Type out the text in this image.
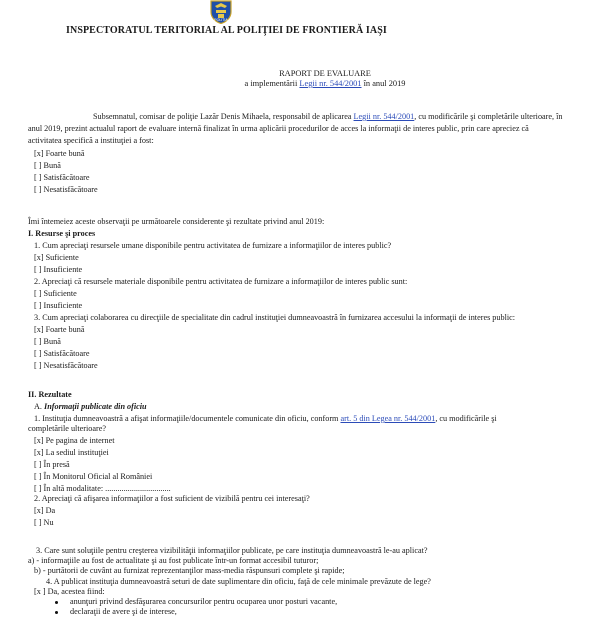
POLITIA
INSPECTORATUL TERITORIAL AL POLIŢIEI DE FRONTIERĂ IAŞI
RAPORT DE EVALUARE
a implementării Legii nr. 544/2001 în anul 2019
Subsemnatul, comisar de poliţie Lazăr Denis Mihaela, responsabil de aplicarea Legii nr. 544/2001, cu modificările şi completările ulterioare, în
anul 2019, prezint actualul raport de evaluare internă finalizat în urma aplicării procedurilor de acces la informaţii de interes public, prin care apreciez că
activitatea specifică a instituţiei a fost:
[x] Foarte bună
[ ] Bună
[ ] Satisfăcătoare
[ ] Nesatisfăcătoare
Îmi întemeiez aceste observaţii pe următoarele considerente şi rezultate privind anul 2019:
I. Resurse şi proces
1. Cum apreciaţi resursele umane disponibile pentru activitatea de furnizare a informaţiilor de interes public?
[x] Suficiente
[ ] Insuficiente
2. Apreciaţi că resursele materiale disponibile pentru activitatea de furnizare a informaţiilor de interes public sunt:
[ ] Suficiente
[ ] Insuficiente
3. Cum apreciaţi colaborarea cu direcţiile de specialitate din cadrul instituţiei dumneavoastră în furnizarea accesului la informaţii de interes public:
[x] Foarte bună
[ ] Bună
[ ] Satisfăcătoare
[ ] Nesatisfăcătoare
II. Rezultate
A. Informaţii publicate din oficiu
1. Instituţia dumneavoastră a afişat informaţiile/documentele comunicate din oficiu, conform art. 5 din Legea nr. 544/2001, cu modificările şi
completările ulterioare?
[x] Pe pagina de internet
[x] La sediul instituţiei
[ ] În presă
[ ] În Monitorul Oficial al României
[ ] În altă modalitate: ................................
2. Apreciaţi că afişarea informaţiilor a fost suficient de vizibilă pentru cei interesaţi?
[x] Da
[ ] Nu
3. Care sunt soluţiile pentru creşterea vizibilităţii informaţiilor publicate, pe care instituţia dumneavoastră le-au aplicat?
a) - informaţiile au fost de actualitate şi au fost publicate într-un format accesibil tuturor;
b) - purtătorii de cuvânt au furnizat reprezentanţilor mass-media răspunsuri complete şi rapide;
4. A publicat instituţia dumneavoastră seturi de date suplimentare din oficiu, faţă de cele minimale prevăzute de lege?
[x ] Da, acestea fiind:
anunţuri privind desfăşurarea concursurilor pentru ocuparea unor posturi vacante,
declaraţii de avere şi de interese,
